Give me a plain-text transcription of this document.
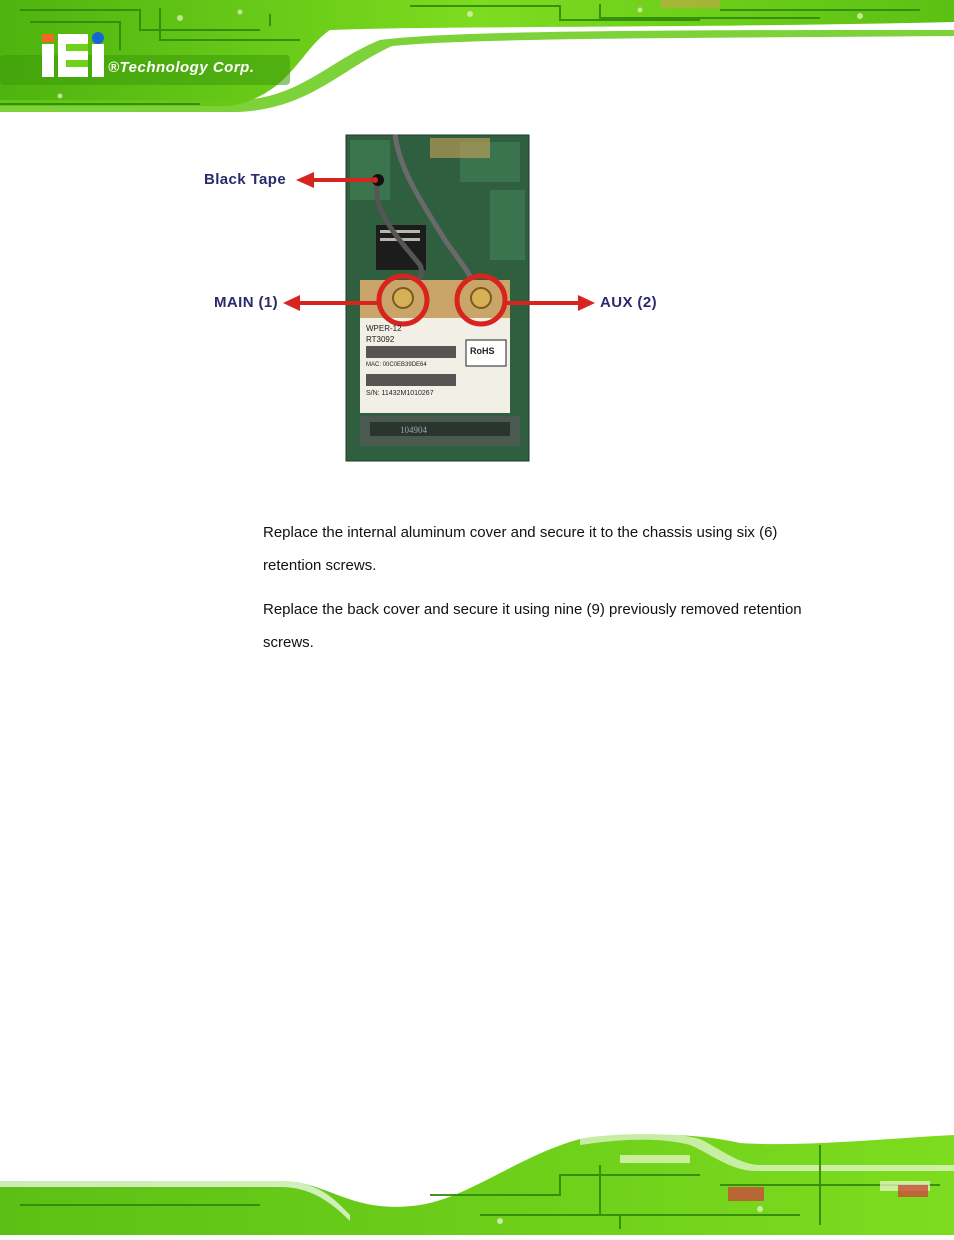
®Technology Corp.
WPER-12
RT3092
MAC: 00C0EB39DE64
S/N: 11432M1010267
RoHS
104904
Black Tape
MAIN (1)	AUX (2)

Replace the internal aluminum cover and secure it to the chassis using six (6) retention screws.

Replace the back cover and secure it using nine (9) previously removed retention screws.
